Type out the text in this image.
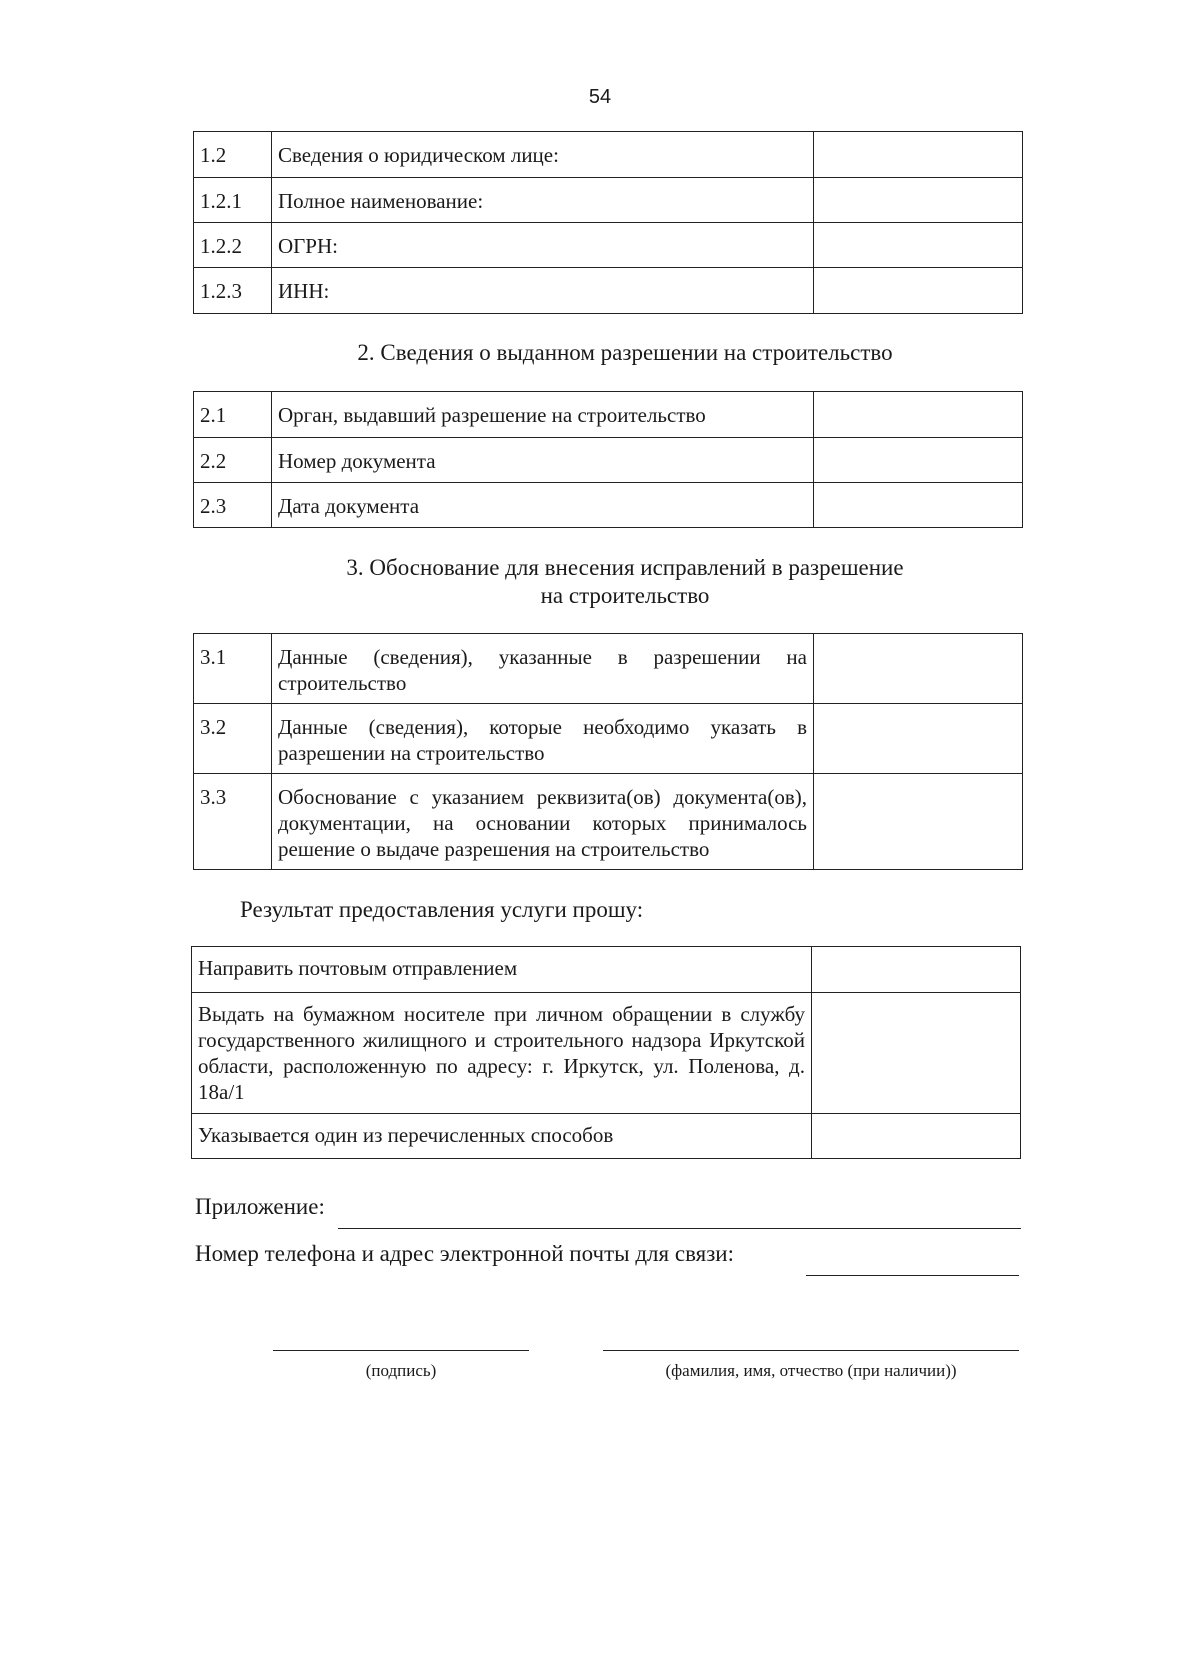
54
1.2	Сведения о юридическом лице:	
1.2.1	Полное наименование:	
1.2.2	ОГРН:	
1.2.3	ИНН:	
2. Сведения о выданном разрешении на строительство
2.1	Орган, выдавший разрешение на строительство	
2.2	Номер документа	
2.3	Дата документа	
3. Обоснование для внесения исправлений в разрешение
на строительство
3.1	Данные (сведения), указанные в разрешении на строительство	
3.2	Данные (сведения), которые необходимо указать в разрешении на строительство	
3.3	Обоснование с указанием реквизита(ов) документа(ов), документации, на основании которых принималось решение о выдаче разрешения на строительство	
Результат предоставления услуги прошу:
Направить почтовым отправлением	
Выдать на бумажном носителе при личном обращении в службу государственного жилищного и строительного надзора Иркутской области, расположенную по адресу: г. Иркутск, ул. Поленова, д. 18а/1	
Указывается один из перечисленных способов	
Приложение:
Номер телефона и адрес электронной почты для связи:
(подпись)	(фамилия, имя, отчество (при наличии))
